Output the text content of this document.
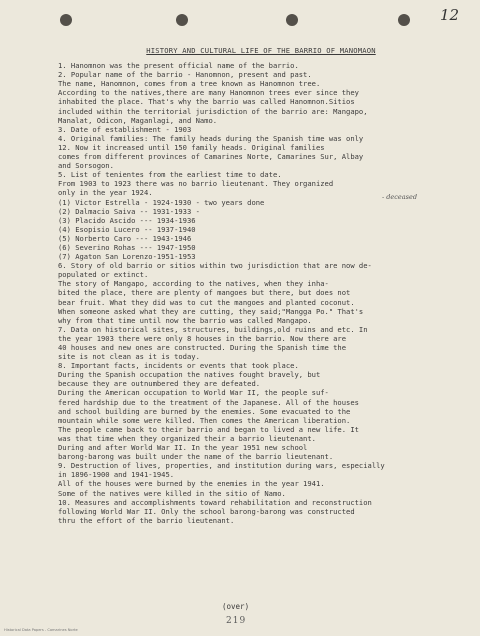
12
HISTORY AND CULTURAL LIFE OF THE BARRIO OF MANOMAON
1. Hanomnon was the present official name of the barrio.
2. Popular name of the barrio - Hanomnon, present and past.
The name, Hanomnon, comes from a tree known as Hanomnon tree.
According to the natives,there are many Hanomnon trees ever since they
inhabited the place. That's why the barrio was called Hanomnon.Sitios
included within the territorial jurisdiction of the barrio are: Mangapo,
Manalat, Odicon, Maganlagi, and Namo.
3. Date of establishment - 1903
4. Original families: The family heads during the Spanish time was only
12. Now it increased until 150 family heads. Original families
comes from different provinces of Camarines Norte, Camarines Sur, Albay
and Sorsogon.
5. List of tenientes from the earliest time to date.
From 1903 to 1923 there was no barrio lieutenant. They organized
only in the year 1924.
(1) Victor Estrella - 1924-1930 - two years done
(2) Dalmacio Saiva -- 1931-1933 -
(3) Placido Ascido --- 1934-1936
(4) Esopisio Lucero -- 1937-1940
(5) Norberto Caro --- 1943-1946
(6) Severino Rohas --- 1947-1950
(7) Agaton San Lorenzo-1951-1953
6. Story of old barrio or sitios within two jurisdiction that are now de-
populated or extinct.
The story of Mangapo, according to the natives, when they inha-
bited the place, there are plenty of mangoes but there, but does not
bear fruit. What they did was to cut the mangoes and planted coconut.
When someone asked what they are cutting, they said;"Mangga Po." That's
why from that time until now the barrio was called Mangapo.
7. Data on historical sites, structures, buildings,old ruins and etc. In
the year 1903 there were only 8 houses in the barrio. Now there are
40 houses and new ones are constructed. During the Spanish time the
site is not clean as it is today.
8. Important facts, incidents or events that took place.
During the Spanish occupation the natives fought bravely, but
because they are outnumbered they are defeated.
During the American occupation to World War II, the people suf-
fered hardship due to the treatment of the Japanese. All of the houses
and school building are burned by the enemies. Some evacuated to the
mountain while some were killed. Then comes the American liberation.
The people came back to their barrio and began to lived a new life. It
was that time when they organized their a barrio lieutenant.
During and after World War II. In the year 1951 new school
barong-barong was built under the name of the barrio lieutenant.
9. Destruction of lives, properties, and institution during wars, especially
in 1896-1900 and 1941-1945.
All of the houses were burned by the enemies in the year 1941.
Some of the natives were killed in the sitio of Namo.
10. Measures and accomplishments toward rehabilitation and reconstruction
following World War II. Only the school barong-barong was constructed
thru the effort of the barrio lieutenant.
- deceased
(over)
219
Historical Data Papers - Camarines Norte
